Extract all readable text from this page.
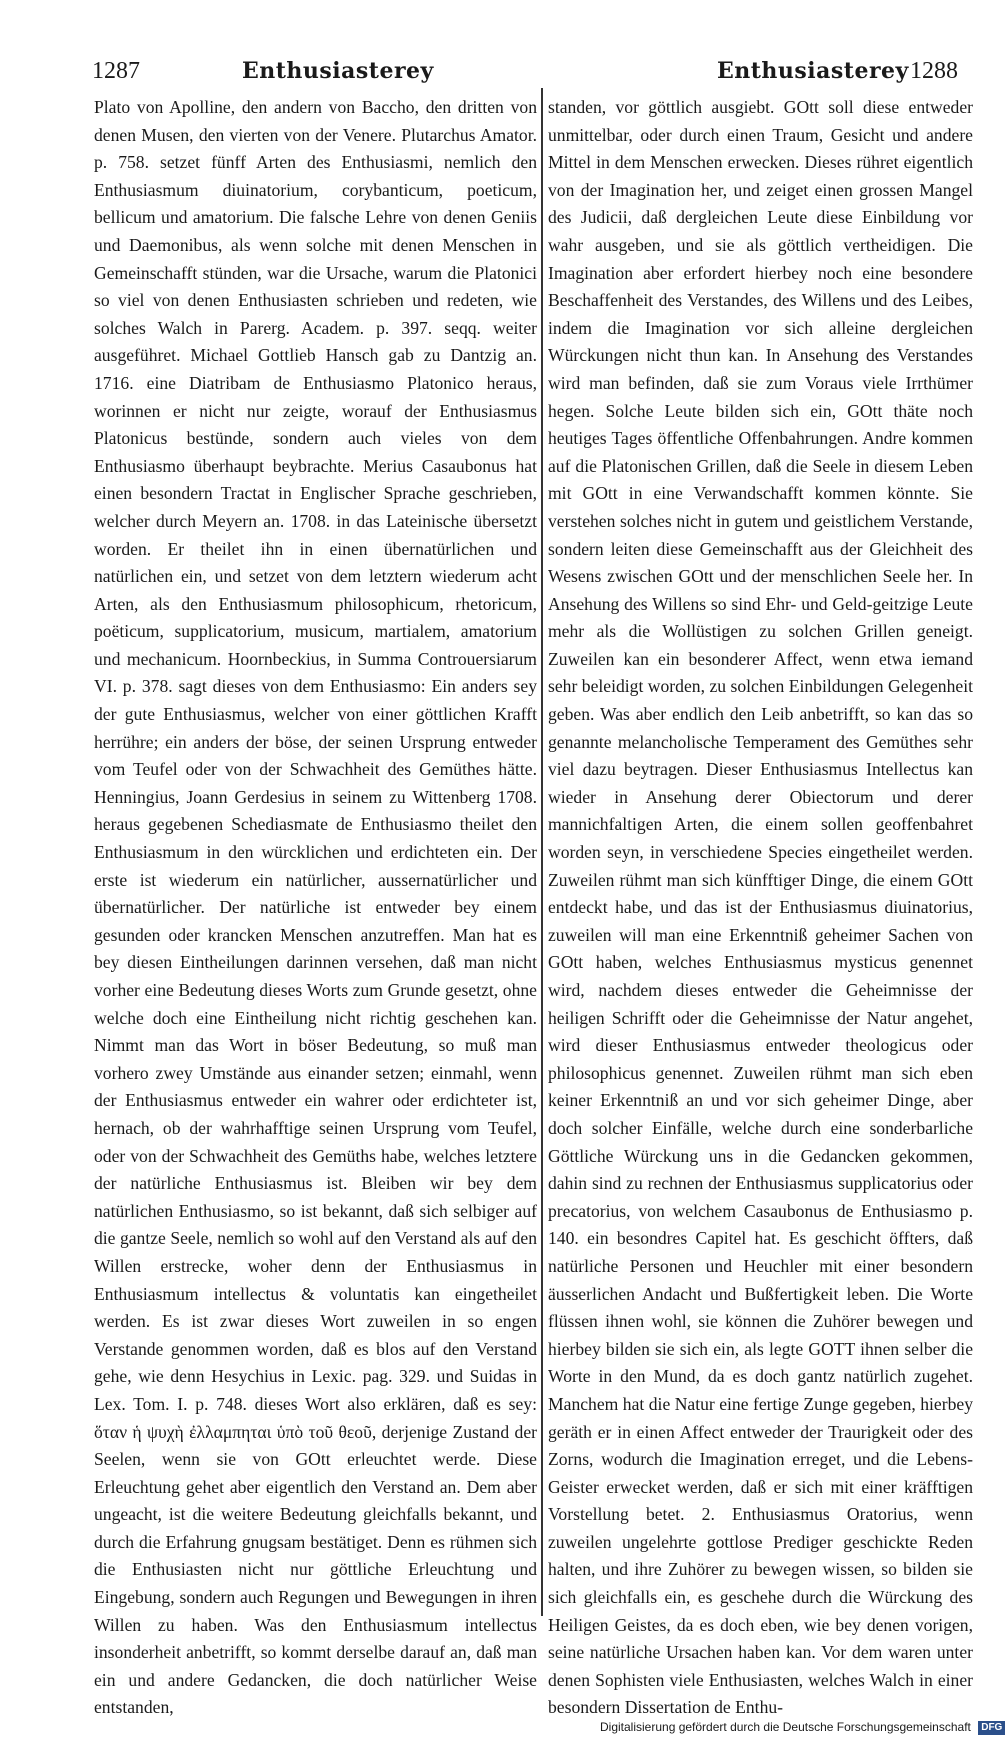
1287	Enthusiasterey	Enthusiasterey 1288

Plato von Apolline, den andern von Baccho, den dritten von denen Musen, den vierten von der Venere. Plutarchus Amator. p. 758. setzet fünff Arten des Enthusiasmi, nemlich den Enthusiasmum diuinatorium, corybanticum, poeticum, bellicum und amatorium. Die falsche Lehre von denen Geniis und Daemonibus, als wenn solche mit denen Menschen in Gemeinschafft stünden, war die Ursache, warum die Platonici so viel von denen Enthusiasten schrieben und redeten, wie solches Walch in Parerg. Academ. p. 397. seqq. weiter ausgeführet. Michael Gottlieb Hansch gab zu Dantzig an. 1716. eine Diatribam de Enthusiasmo Platonico heraus, worinnen er nicht nur zeigte, worauf der Enthusiasmus Platonicus bestünde, sondern auch vieles von dem Enthusiasmo überhaupt beybrachte. Merius Casaubonus hat einen besondern Tractat in Englischer Sprache geschrieben, welcher durch Meyern an. 1708. in das Lateinische übersetzt worden. Er theilet ihn in einen übernatürlichen und natürlichen ein, und setzet von dem letztern wiederum acht Arten, als den Enthusiasmum philosophicum, rhetoricum, poëticum, supplicatorium, musicum, martialem, amatorium und mechanicum. Hoornbeckius, in Summa Controuersiarum VI. p. 378. sagt dieses von dem Enthusiasmo: Ein anders sey der gute Enthusiasmus, welcher von einer göttlichen Krafft herrühre; ein anders der böse, der seinen Ursprung entweder vom Teufel oder von der Schwachheit des Gemüthes hätte. Henningius, Joann Gerdesius in seinem zu Wittenberg 1708. heraus gegebenen Schediasmate de Enthusiasmo theilet den Enthusiasmum in den würcklichen und erdichteten ein. Der erste ist wiederum ein natürlicher, aussernatürlicher und übernatürlicher. Der natürliche ist entweder bey einem gesunden oder krancken Menschen anzutreffen. Man hat es bey diesen Eintheilungen darinnen versehen, daß man nicht vorher eine Bedeutung dieses Worts zum Grunde gesetzt, ohne welche doch eine Eintheilung nicht richtig geschehen kan. Nimmt man das Wort in böser Bedeutung, so muß man vorhero zwey Umstände aus einander setzen; einmahl, wenn der Enthusiasmus entweder ein wahrer oder erdichteter ist, hernach, ob der wahrhafftige seinen Ursprung vom Teufel, oder von der Schwachheit des Gemüths habe, welches letztere der natürliche Enthusiasmus ist. Bleiben wir bey dem natürlichen Enthusiasmo, so ist bekannt, daß sich selbiger auf die gantze Seele, nemlich so wohl auf den Verstand als auf den Willen erstrecke, woher denn der Enthusiasmus in Enthusiasmum intellectus & voluntatis kan eingetheilet werden. Es ist zwar dieses Wort zuweilen in so engen Verstande genommen worden, daß es blos auf den Verstand gehe, wie denn Hesychius in Lexic. pag. 329. und Suidas in Lex. Tom. I. p. 748. dieses Wort also erklären, daß es sey: ὅταν ἡ ψυχὴ ἐλλαμπηται ὑπὸ τοῦ θεοῦ, derjenige Zustand der Seelen, wenn sie von GOtt erleuchtet werde. Diese Erleuchtung gehet aber eigentlich den Verstand an. Dem aber ungeacht, ist die weitere Bedeutung gleichfalls bekannt, und durch die Erfahrung gnugsam bestätiget. Denn es rühmen sich die Enthusiasten nicht nur göttliche Erleuchtung und Eingebung, sondern auch Regungen und Bewegungen in ihren Willen zu haben. Was den Enthusiasmum intellectus insonderheit anbetrifft, so kommt derselbe darauf an, daß man ein und andere Gedancken, die doch natürlicher Weise entstanden,

standen, vor göttlich ausgiebt. GOtt soll diese entweder unmittelbar, oder durch einen Traum, Gesicht und andere Mittel in dem Menschen erwecken. Dieses rühret eigentlich von der Imagination her, und zeiget einen grossen Mangel des Judicii, daß dergleichen Leute diese Einbildung vor wahr ausgeben, und sie als göttlich vertheidigen. Die Imagination aber erfordert hierbey noch eine besondere Beschaffenheit des Verstandes, des Willens und des Leibes, indem die Imagination vor sich alleine dergleichen Würckungen nicht thun kan. In Ansehung des Verstandes wird man befinden, daß sie zum Voraus viele Irrthümer hegen. Solche Leute bilden sich ein, GOtt thäte noch heutiges Tages öffentliche Offenbahrungen. Andre kommen auf die Platonischen Grillen, daß die Seele in diesem Leben mit GOtt in eine Verwandschafft kommen könnte. Sie verstehen solches nicht in gutem und geistlichem Verstande, sondern leiten diese Gemeinschafft aus der Gleichheit des Wesens zwischen GOtt und der menschlichen Seele her. In Ansehung des Willens so sind Ehr- und Geld-geitzige Leute mehr als die Wollüstigen zu solchen Grillen geneigt. Zuweilen kan ein besonderer Affect, wenn etwa iemand sehr beleidigt worden, zu solchen Einbildungen Gelegenheit geben. Was aber endlich den Leib anbetrifft, so kan das so genannte melancholische Temperament des Gemüthes sehr viel dazu beytragen. Dieser Enthusiasmus Intellectus kan wieder in Ansehung derer Obiectorum und derer mannichfaltigen Arten, die einem sollen geoffenbahret worden seyn, in verschiedene Species eingetheilet werden. Zuweilen rühmt man sich künfftiger Dinge, die einem GOtt entdeckt habe, und das ist der Enthusiasmus diuinatorius, zuweilen will man eine Erkenntniß geheimer Sachen von GOtt haben, welches Enthusiasmus mysticus genennet wird, nachdem dieses entweder die Geheimnisse der heiligen Schrifft oder die Geheimnisse der Natur angehet, wird dieser Enthusiasmus entweder theologicus oder philosophicus genennet. Zuweilen rühmt man sich eben keiner Erkenntniß an und vor sich geheimer Dinge, aber doch solcher Einfälle, welche durch eine sonderbarliche Göttliche Würckung uns in die Gedancken gekommen, dahin sind zu rechnen der Enthusiasmus supplicatorius oder precatorius, von welchem Casaubonus de Enthusiasmo p. 140. ein besondres Capitel hat. Es geschicht öffters, daß natürliche Personen und Heuchler mit einer besondern äusserlichen Andacht und Bußfertigkeit leben. Die Worte flüssen ihnen wohl, sie können die Zuhörer bewegen und hierbey bilden sie sich ein, als legte GOTT ihnen selber die Worte in den Mund, da es doch gantz natürlich zugehet. Manchem hat die Natur eine fertige Zunge gegeben, hierbey geräth er in einen Affect entweder der Traurigkeit oder des Zorns, wodurch die Imagination erreget, und die Lebens-Geister erwecket werden, daß er sich mit einer kräfftigen Vorstellung betet. 2. Enthusiasmus Oratorius, wenn zuweilen ungelehrte gottlose Prediger geschickte Reden halten, und ihre Zuhörer zu bewegen wissen, so bilden sie sich gleichfalls ein, es geschehe durch die Würckung des Heiligen Geistes, da es doch eben, wie bey denen vorigen, seine natürliche Ursachen haben kan. Vor dem waren unter denen Sophisten viele Enthusiasten, welches Walch in einer besondern Dissertation de Enthu-

Digitalisierung gefördert durch die Deutsche Forschungsgemeinschaft DFG
